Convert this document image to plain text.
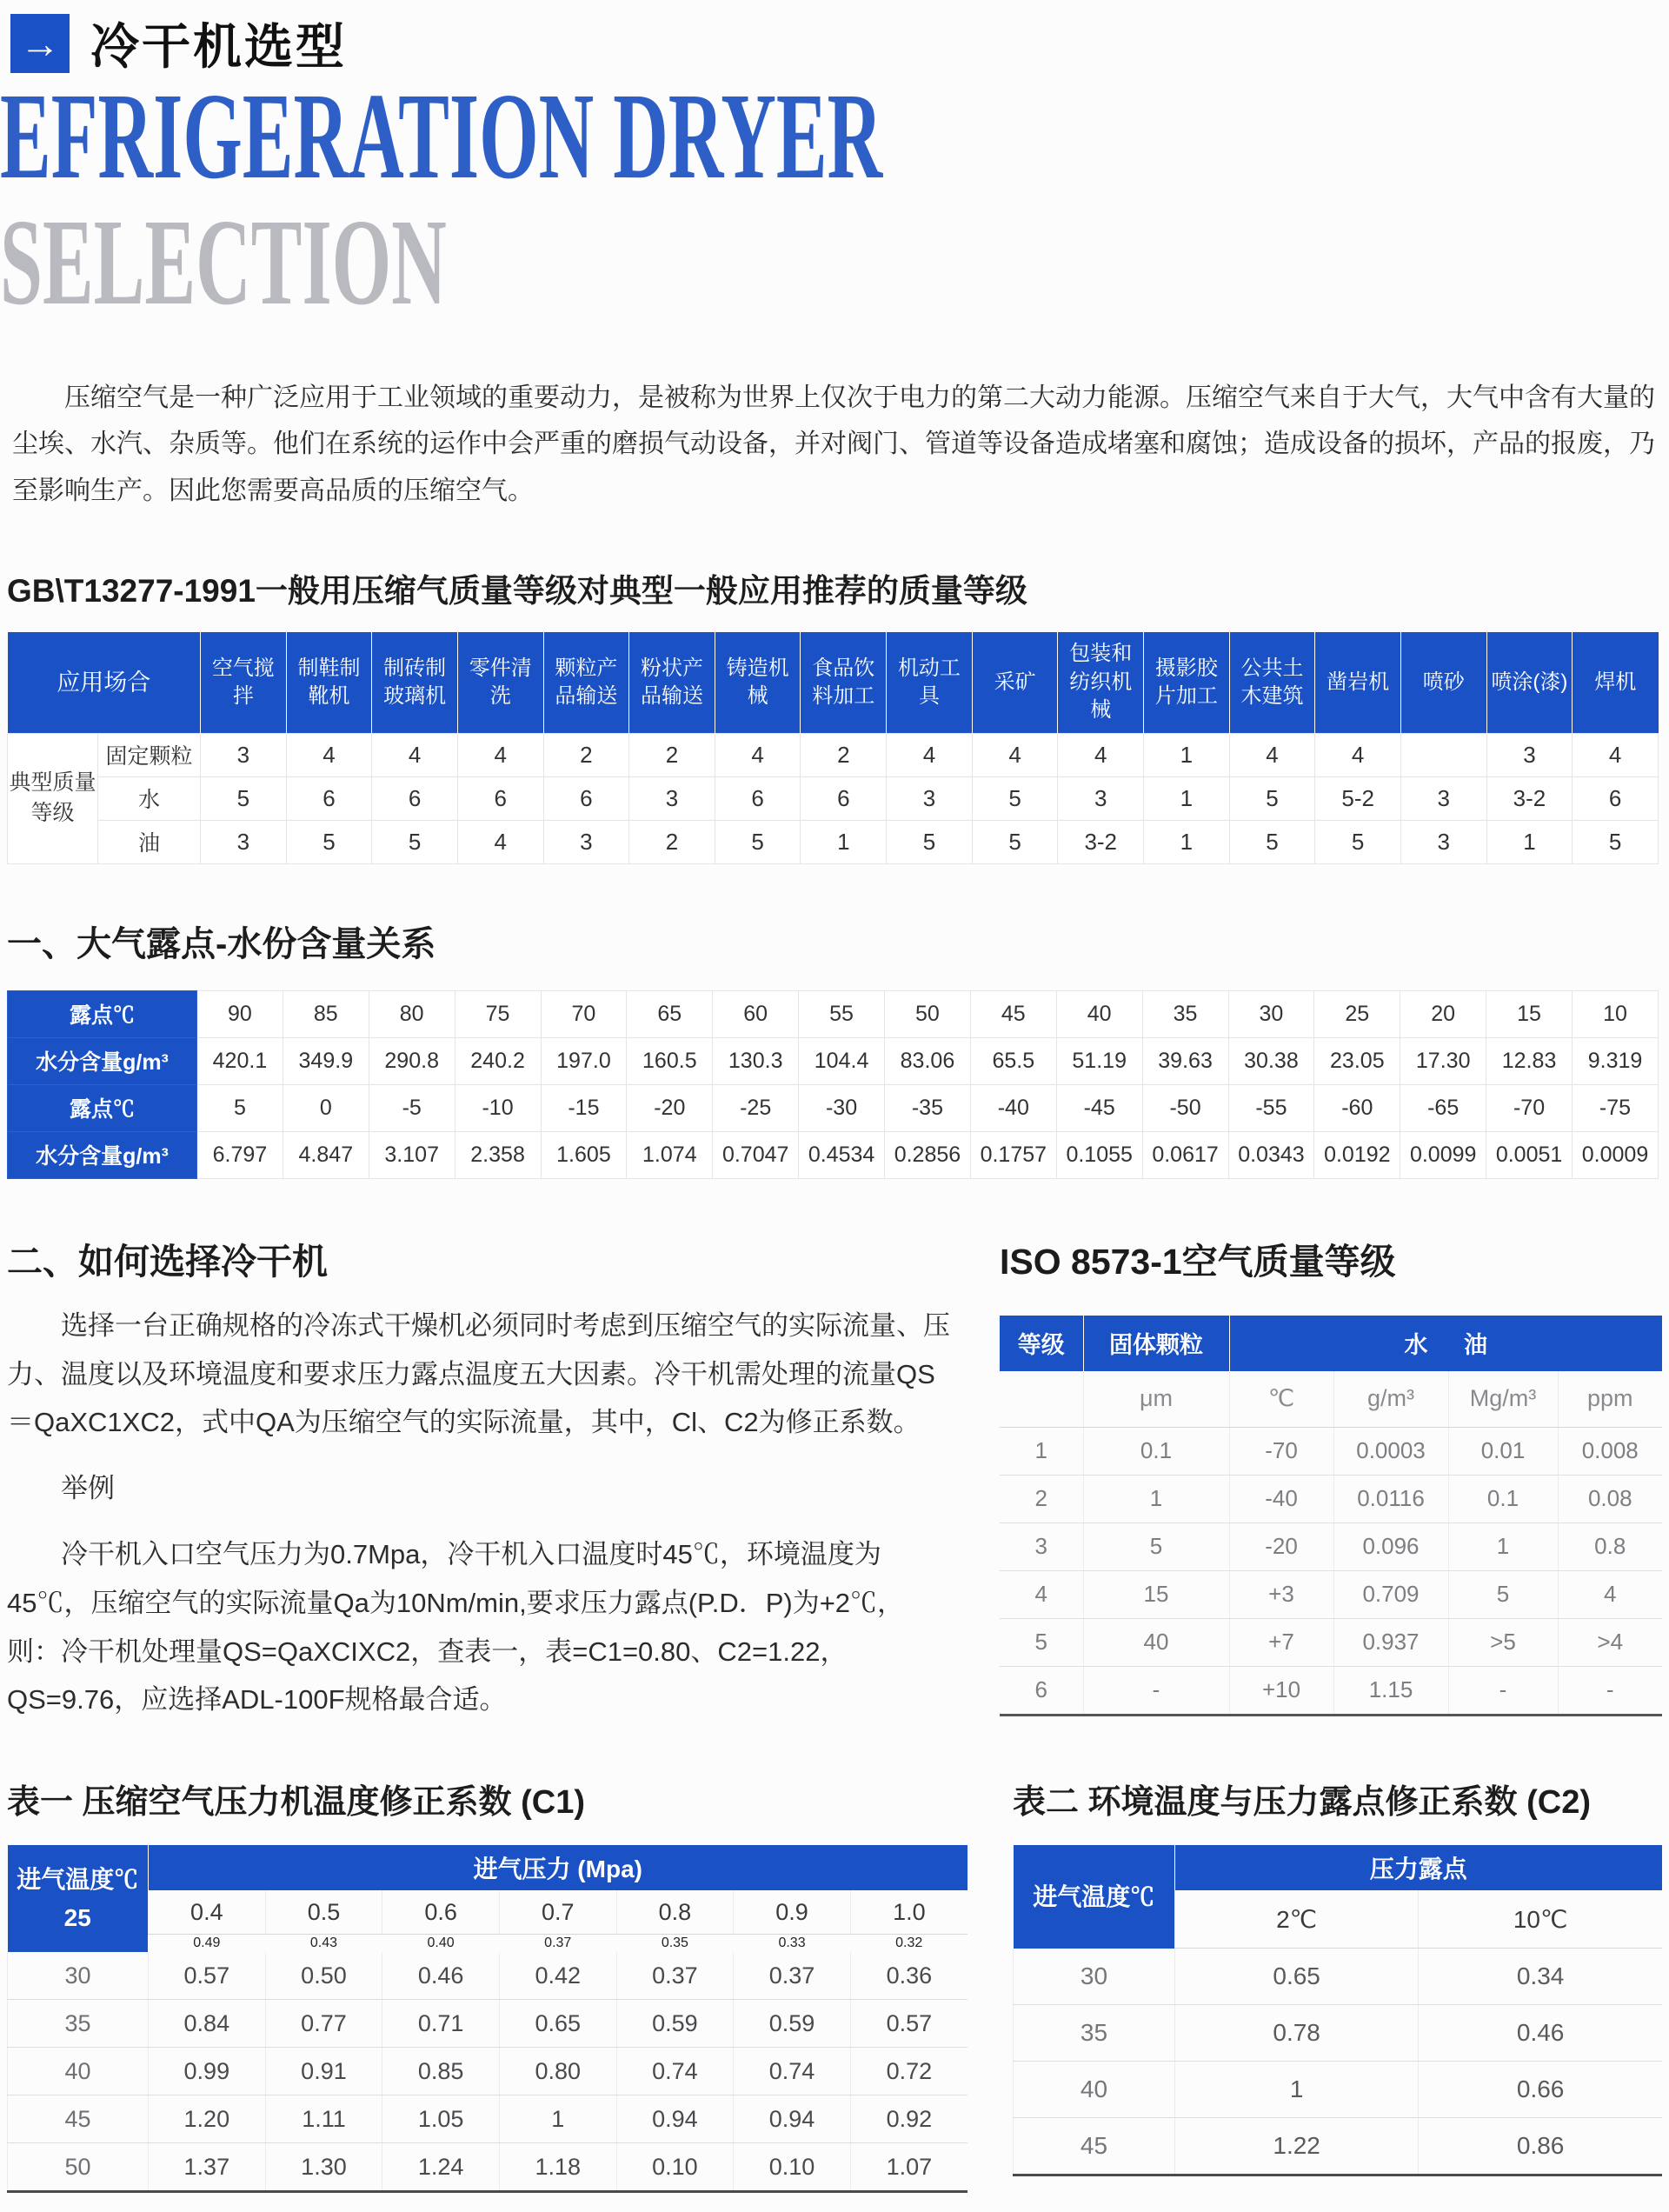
→ 冷干机选型
EFRIGERATION DRYER
SELECTION
压缩空气是一种广泛应用于工业领域的重要动力，是被称为世界上仅次于电力的第二大动力能源。压缩空气来自于大气，大气中含有大量的尘埃、水汽、杂质等。他们在系统的运作中会严重的磨损气动设备，并对阀门、管道等设备造成堵塞和腐蚀；造成设备的损坏，产品的报废，乃至影响生产。因此您需要高品质的压缩空气。
GB\T13277-1991一般用压缩气质量等级对典型一般应用推荐的质量等级
应用场合		空气搅拌	制鞋制靴机	制砖制玻璃机	零件清洗	颗粒产品输送	粉状产品输送	铸造机械	食品饮料加工	机动工具	采矿	包装和纺织机械	摄影胶片加工	公共土木建筑	凿岩机	喷砂	喷涂(漆)	焊机
典型质量等级	固定颗粒	3	4	4	4	2	2	4	2	4	4	4	1	4	4		3	4
	水	5	6	6	6	6	3	6	6	3	5	3	1	5	5-2	3	3-2	6
	油	3	5	5	4	3	2	5	1	5	5	3-2	1	5	5	3	1	5
一、大气露点-水份含量关系
露点℃	90	85	80	75	70	65	60	55	50	45	40	35	30	25	20	15	10
水分含量g/m³	420.1	349.9	290.8	240.2	197.0	160.5	130.3	104.4	83.06	65.5	51.19	39.63	30.38	23.05	17.30	12.83	9.319
露点℃	5	0	-5	-10	-15	-20	-25	-30	-35	-40	-45	-50	-55	-60	-65	-70	-75
水分含量g/m³	6.797	4.847	3.107	2.358	1.605	1.074	0.7047	0.4534	0.2856	0.1757	0.1055	0.0617	0.0343	0.0192	0.0099	0.0051	0.0009
二、如何选择冷干机

选择一台正确规格的冷冻式干燥机必须同时考虑到压缩空气的实际流量、压力、温度以及环境温度和要求压力露点温度五大因素。冷干机需处理的流量QS＝QaXC1XC2，式中QA为压缩空气的实际流量，其中，Cl、C2为修正系数。

举例

冷干机入口空气压力为0.7Mpa，冷干机入口温度时45℃，环境温度为45℃，压缩空气的实际流量Qa为10Nm/min,要求压力露点(P.D．P)为+2℃，则：冷干机处理量QS=QaXCIXC2，查表一，表=C1=0.80、C2=1.22，QS=9.76，应选择ADL-100F规格最合适。

ISO 8573-1空气质量等级
等级	固体颗粒	水 油			
	μm	℃	g/m³	Mg/m³	ppm
1	0.1	-70	0.0003	0.01	0.008
2	1	-40	0.0116	0.1	0.08
3	5	-20	0.096	1	0.8
4	15	+3	0.709	5	4
5	40	+7	0.937	>5	>4
6	-	+10	1.15	-	-
表一 压缩空气压力机温度修正系数 (C1)
进气温度℃
25	进气压力 (Mpa)						
	0.4	0.5	0.6	0.7	0.8	0.9	1.0
	0.49	0.43	0.40	0.37	0.35	0.33	0.32
30	0.57	0.50	0.46	0.42	0.37	0.37	0.36
35	0.84	0.77	0.71	0.65	0.59	0.59	0.57
40	0.99	0.91	0.85	0.80	0.74	0.74	0.72
45	1.20	1.11	1.05	1	0.94	0.94	0.92
50	1.37	1.30	1.24	1.18	0.10	0.10	1.07
表二 环境温度与压力露点修正系数 (C2)
进气温度℃	压力露点	
	2℃	10℃
30	0.65	0.34
35	0.78	0.46
40	1	0.66
45	1.22	0.86
